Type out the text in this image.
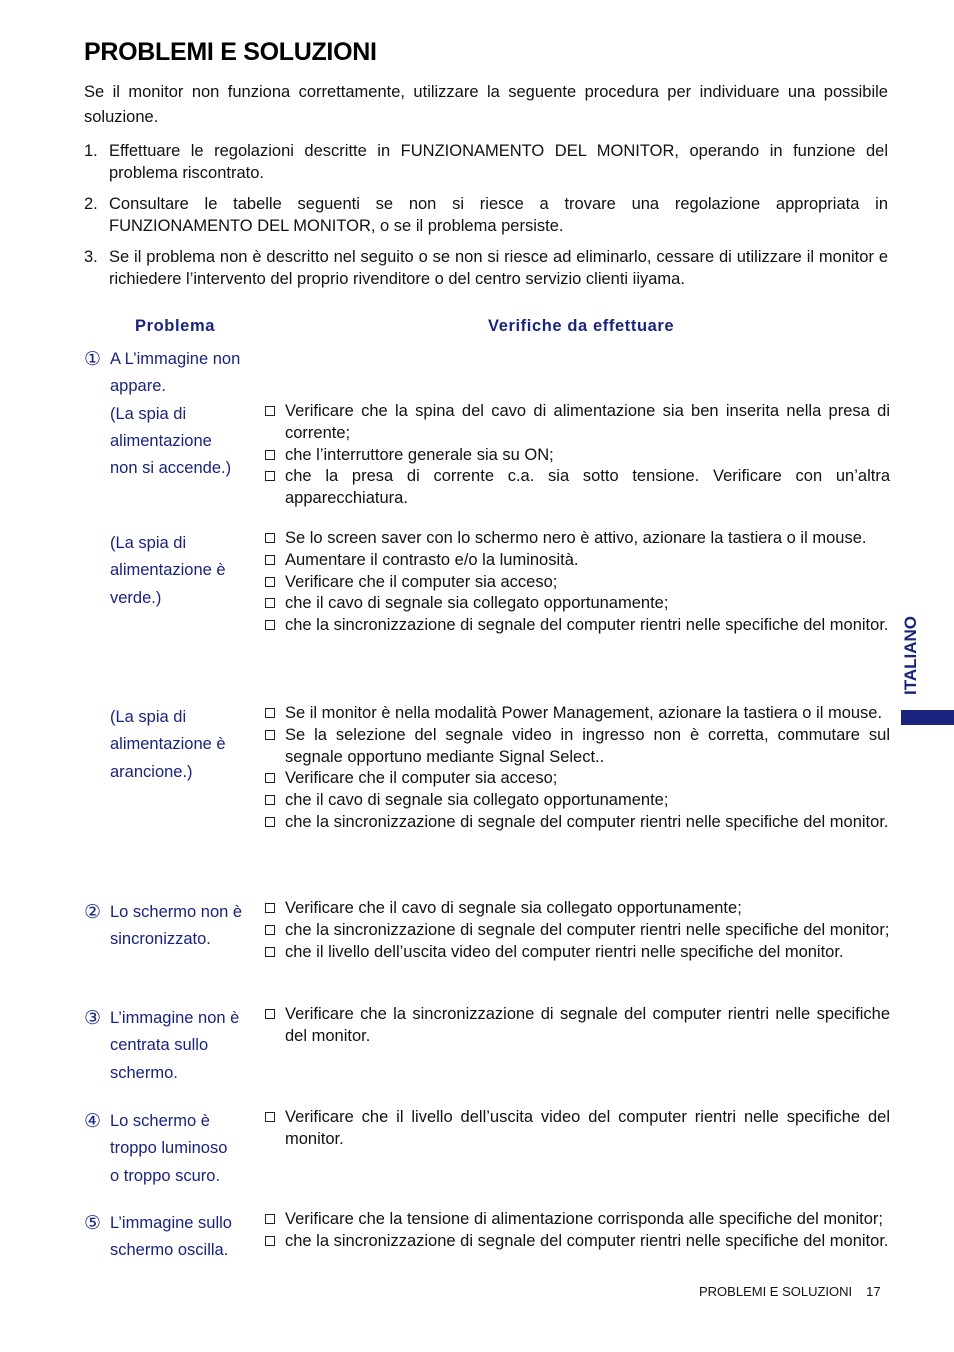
PROBLEMI E SOLUZIONI
Se il monitor non funziona correttamente, utilizzare la seguente procedura per individuare una possibile soluzione.
1. Effettuare le regolazioni descritte in FUNZIONAMENTO DEL MONITOR, operando in funzione del problema riscontrato.
2. Consultare le tabelle seguenti se non si riesce a trovare una regolazione appropriata in FUNZIONAMENTO DEL MONITOR, o se il problema persiste.
3. Se il problema non è descritto nel seguito o se non si riesce ad eliminarlo, cessare di utilizzare il monitor e richiedere l’intervento del proprio rivenditore o del centro servizio clienti iiyama.
Problema	Verifiche da effettuare
① A L’immagine non
appare.
(La spia di
alimentazione
non si accende.)
(La spia di
alimentazione è
verde.)
(La spia di
alimentazione è
arancione.)
② Lo schermo non è
sincronizzato.
③ L’immagine non è
centrata sullo
schermo.
④ Lo schermo è
troppo luminoso
o troppo scuro.
⑤ L’immagine sullo
schermo oscilla.
Verificare che la spina del cavo di alimentazione sia ben inserita nella presa di corrente;
che l’interruttore generale sia su ON;
che la presa di corrente c.a. sia sotto tensione. Verificare con un’altra apparecchiatura.
Se lo screen saver con lo schermo nero è attivo, azionare la tastiera o il mouse.
Aumentare il contrasto e/o la luminosità.
Verificare che il computer sia acceso;
che il cavo di segnale sia collegato opportunamente;
che la sincronizzazione di segnale del computer rientri nelle specifiche del monitor.
Se il monitor è nella modalità Power Management, azionare la tastiera o il mouse.
Se la selezione del segnale video in ingresso non è corretta, commutare sul segnale opportuno mediante Signal Select..
Verificare che il computer sia acceso;
che il cavo di segnale sia collegato opportunamente;
che la sincronizzazione di segnale del computer rientri nelle specifiche del monitor.
Verificare che il cavo di segnale sia collegato opportunamente;
che la sincronizzazione di segnale del computer rientri nelle specifiche del monitor;
che il livello dell’uscita video del computer rientri nelle specifiche del monitor.
Verificare che la sincronizzazione di segnale del computer rientri nelle specifiche del monitor.
Verificare che il livello dell’uscita video del computer rientri nelle specifiche del monitor.
Verificare che la tensione di alimentazione corrisponda alle specifiche del monitor;
che la sincronizzazione di segnale del computer rientri nelle specifiche del monitor.
ITALIANO
PROBLEMI E SOLUZIONI 17
